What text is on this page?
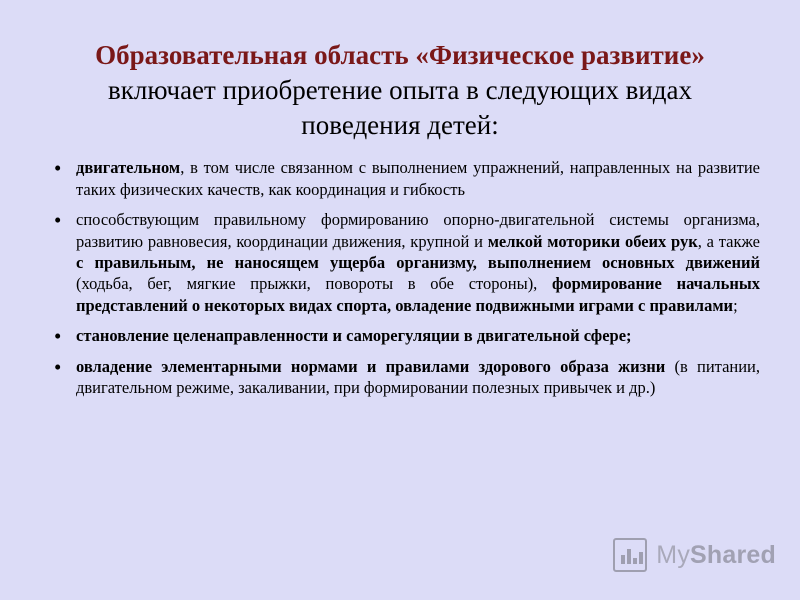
Образовательная область «Физическое развитие» включает приобретение опыта в следующих видах поведения детей:
• двигательном, в том числе связанном с выполнением упражнений, направленных на развитие таких физических качеств, как координация и гибкость
• способствующим правильному формированию опорно-двигательной системы организма, развитию равновесия, координации движения, крупной и мелкой моторики обеих рук, а также с правильным, не наносящем ущерба организму, выполнением основных движений (ходьба, бег, мягкие прыжки, повороты в обе стороны), формирование начальных представлений о некоторых видах спорта, овладение подвижными играми с правилами;
• становление целенаправленности и саморегуляции в двигательной сфере;
• овладение элементарными нормами и правилами здорового образа жизни (в питании, двигательном режиме, закаливании, при формировании полезных привычек и др.)
MyShared
